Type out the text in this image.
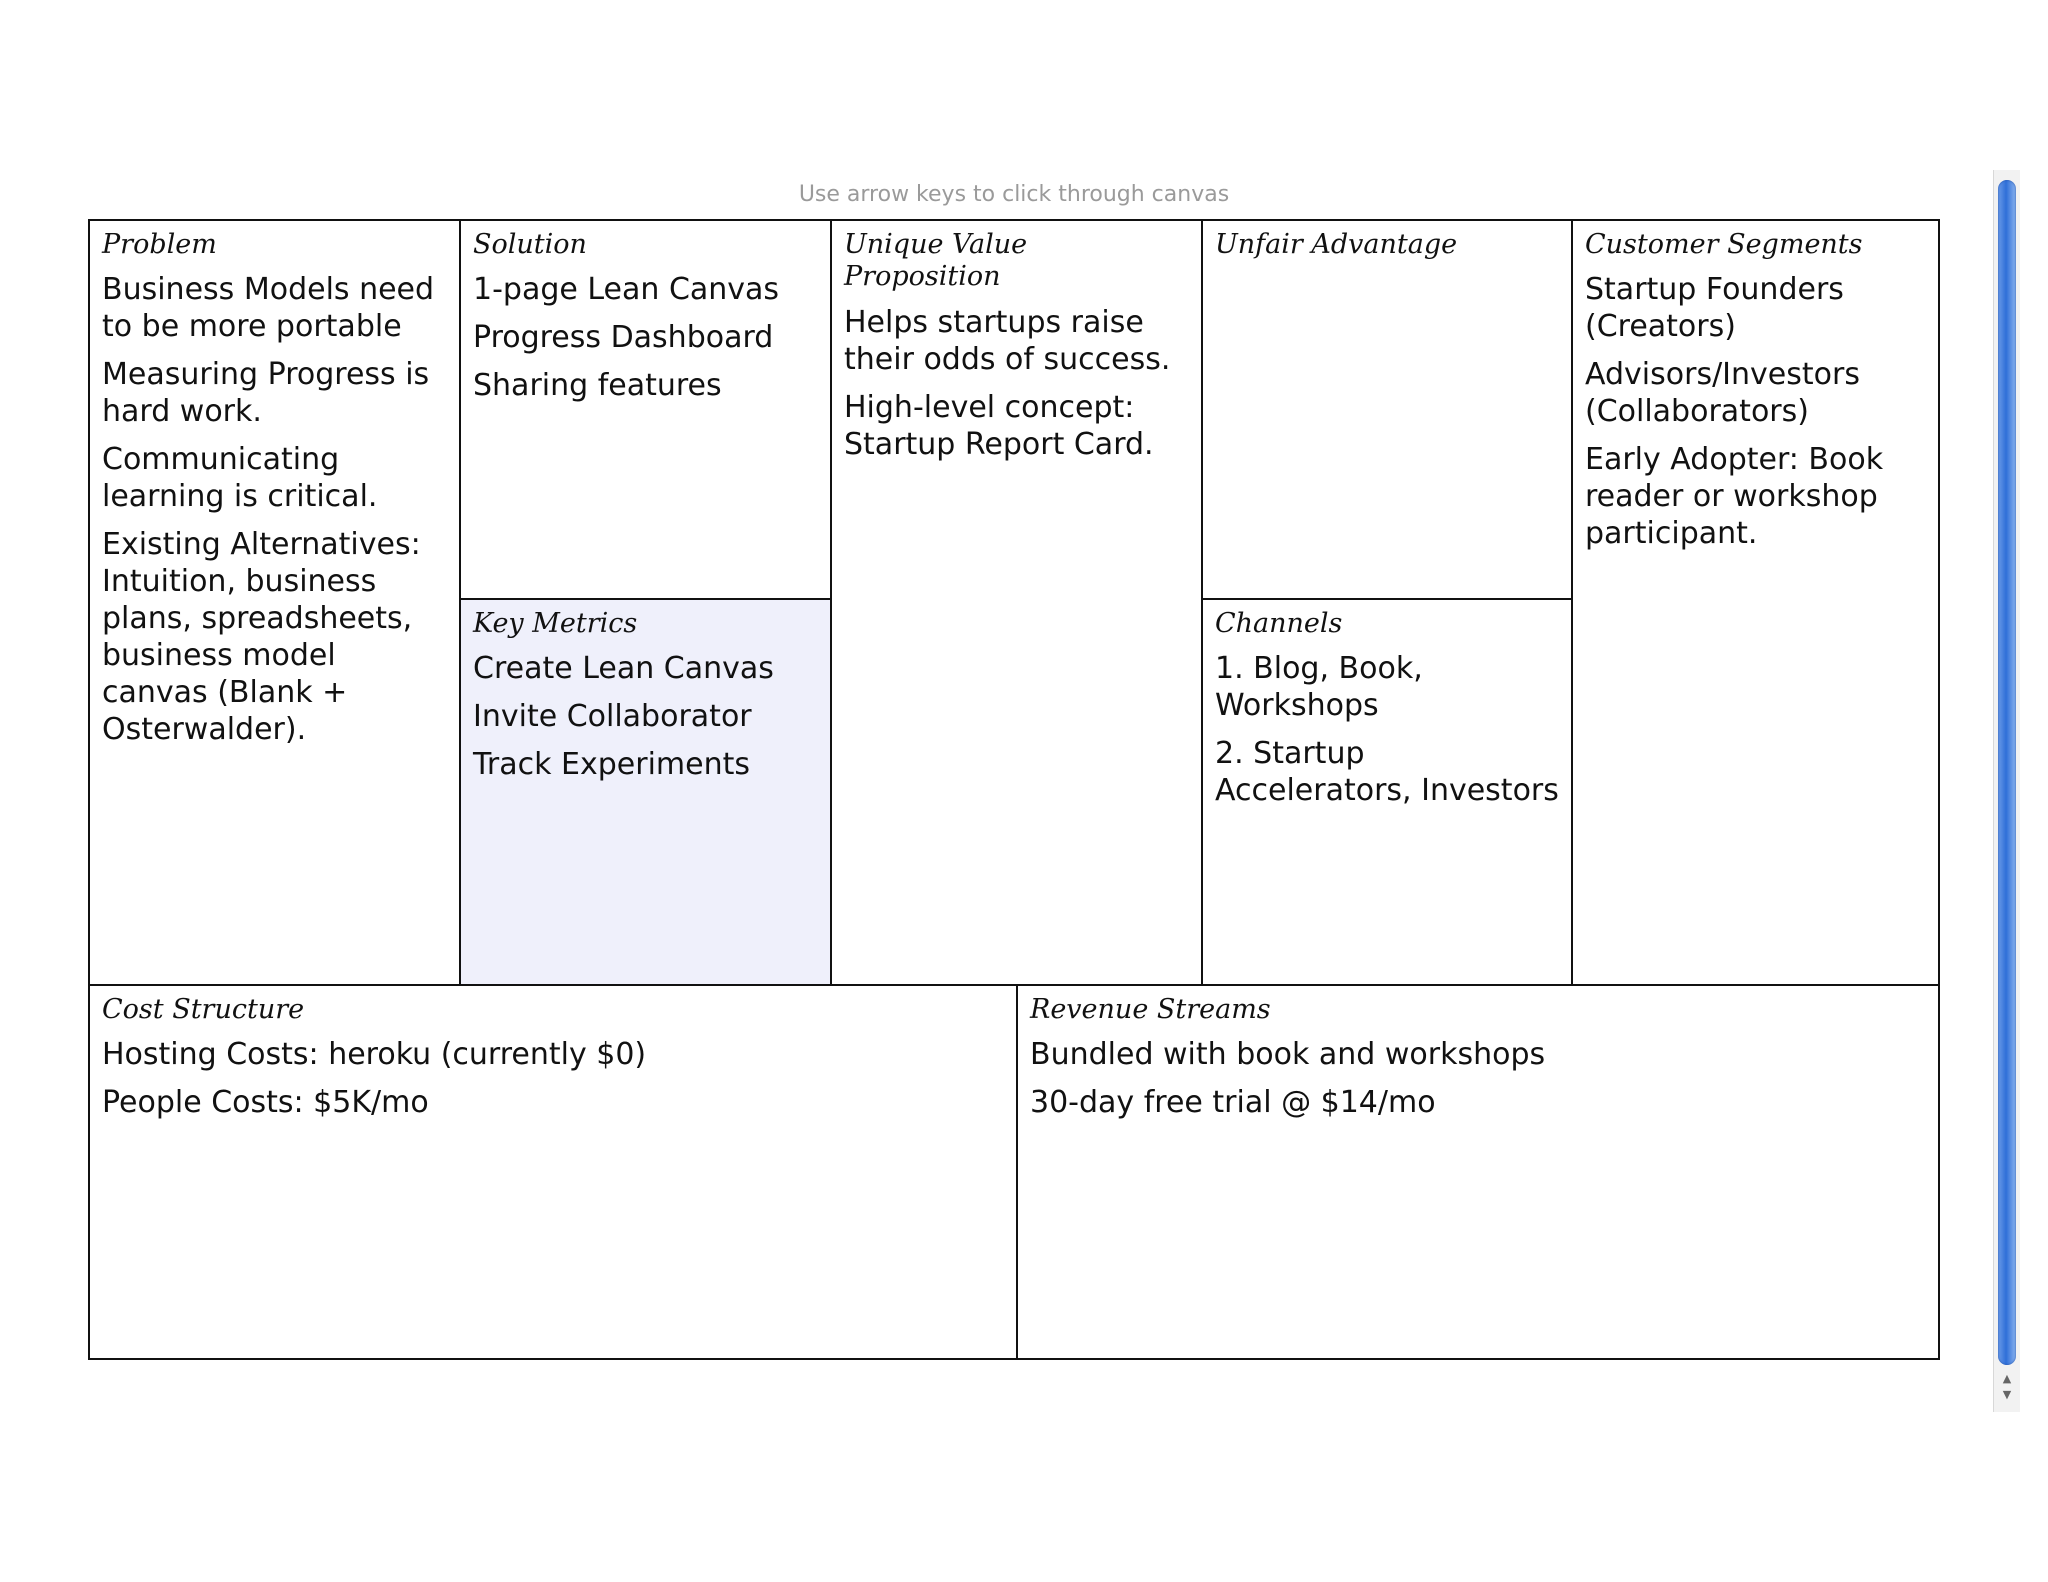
Use arrow keys to click through canvas
Problem
Business Models need to be more portable
Measuring Progress is hard work.
Communicating learning is critical.
Existing Alternatives: Intuition, business plans, spreadsheets, business model canvas (Blank + Osterwalder).
Solution
1-page Lean Canvas
Progress Dashboard
Sharing features
Key Metrics
Create Lean Canvas
Invite Collaborator
Track Experiments
Unique Value Proposition
Helps startups raise their odds of success.
High-level concept: Startup Report Card.
Unfair Advantage
Channels
1. Blog, Book, Workshops
2. Startup Accelerators, Investors
Customer Segments
Startup Founders (Creators)
Advisors/Investors (Collaborators)
Early Adopter: Book reader or workshop participant.
Cost Structure
Hosting Costs: heroku (currently $0)
People Costs: $5K/mo
Revenue Streams
Bundled with book and workshops
30-day free trial @ $14/mo
▲
▼
